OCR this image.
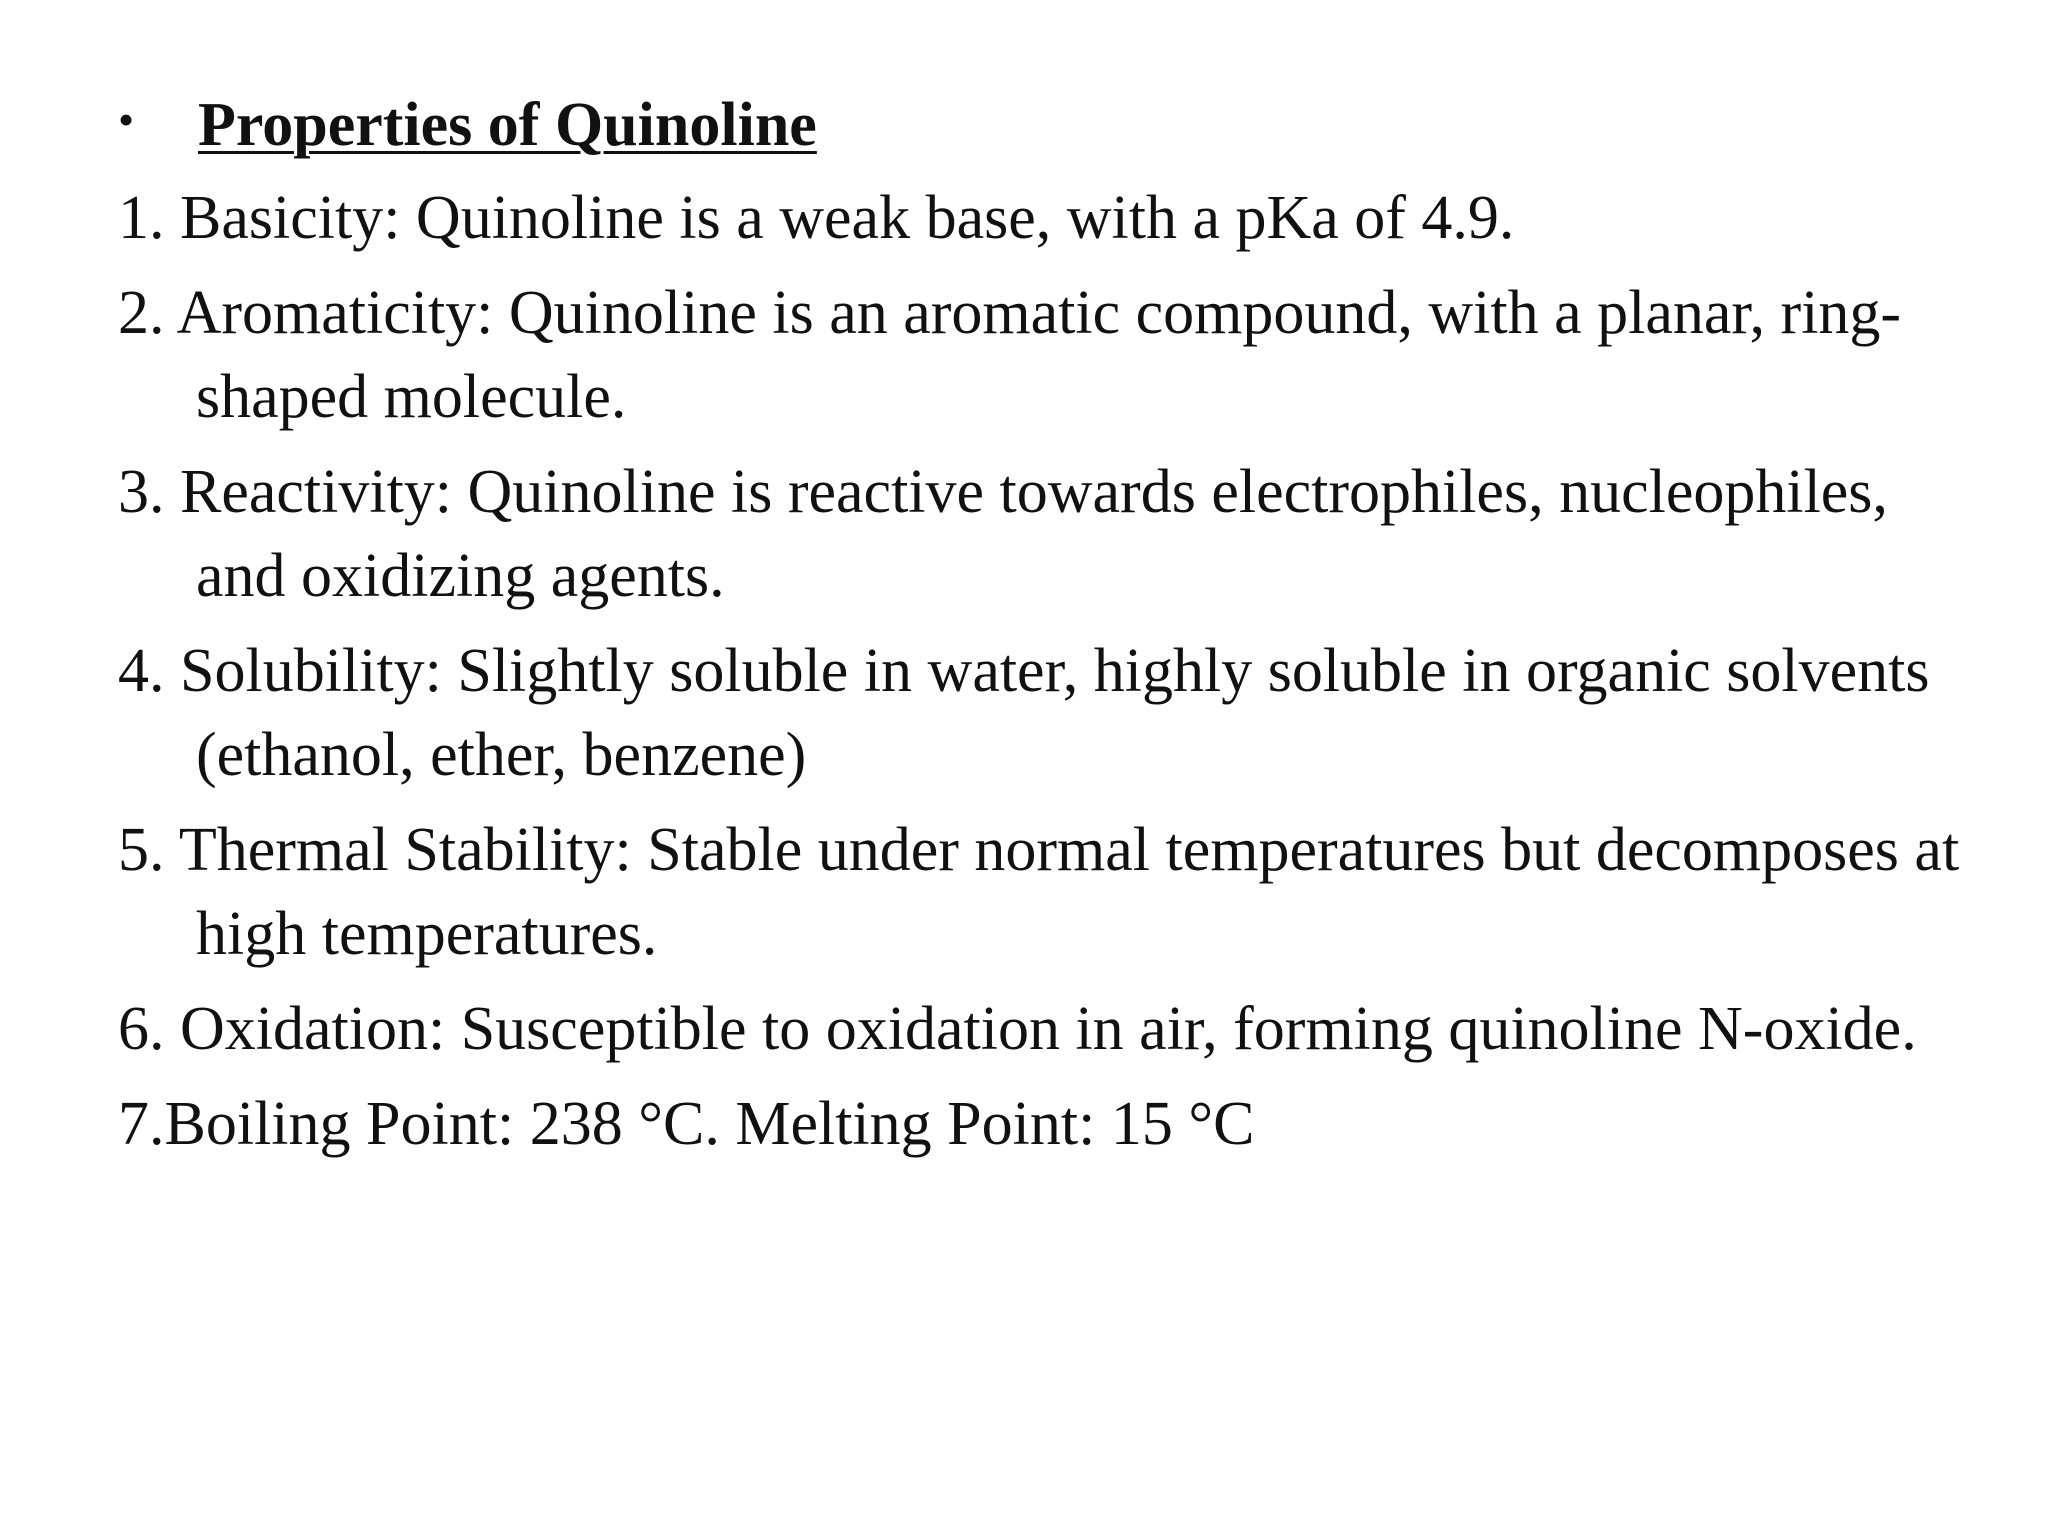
•	Properties of Quinoline
1. Basicity: Quinoline is a weak base, with a pKa of 4.9.
2. Aromaticity: Quinoline is an aromatic compound, with a planar, ring-shaped molecule.
3. Reactivity: Quinoline is reactive towards electrophiles, nucleophiles, and oxidizing agents.
4. Solubility: Slightly soluble in water, highly soluble in organic solvents (ethanol, ether, benzene)
5. Thermal Stability: Stable under normal temperatures but decomposes at high temperatures.
6. Oxidation: Susceptible to oxidation in air, forming quinoline N-oxide.
7.Boiling Point: 238 °C. Melting Point: 15 °C
